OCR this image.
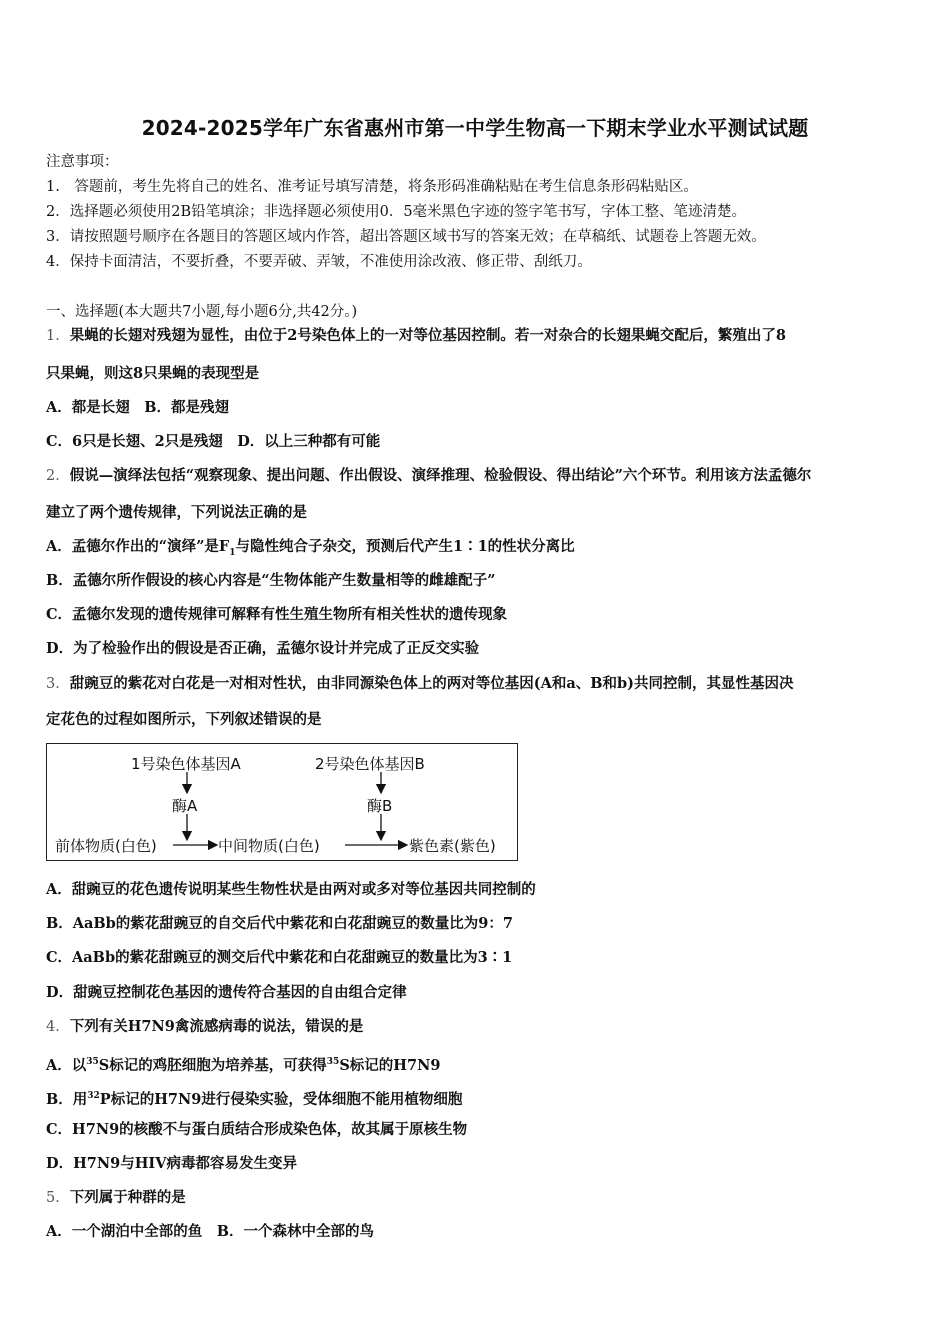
2024-2025学年广东省惠州市第一中学生物高一下期末学业水平测试试题
注意事项：
1.　答题前，考生先将自己的姓名、准考证号填写清楚，将条形码准确粘贴在考生信息条形码粘贴区。
2．选择题必须使用2B铅笔填涂；非选择题必须使用0．5毫米黑色字迹的签字笔书写，字体工整、笔迹清楚。
3．请按照题号顺序在各题目的答题区域内作答，超出答题区域书写的答案无效；在草稿纸、试题卷上答题无效。
4．保持卡面清洁，不要折叠，不要弄破、弄皱，不准使用涂改液、修正带、刮纸刀。
一、选择题(本大题共7小题,每小题6分,共42分。)
1．果蝇的长翅对残翅为显性，由位于2号染色体上的一对等位基因控制。若一对杂合的长翅果蝇交配后，繁殖出了8
只果蝇，则这8只果蝇的表现型是
A．都是长翅　B．都是残翅
C．6只是长翅、2只是残翅　D．以上三种都有可能
2．假说—演绎法包括“观察现象、提出问题、作出假设、演绎推理、检验假设、得出结论”六个环节。利用该方法孟德尔
建立了两个遗传规律，下列说法正确的是
A．孟德尔作出的“演绎”是$F_1$与隐性纯合子杂交，预测后代产生1∶1的性状分离比
B．孟德尔所作假设的核心内容是“生物体能产生数量相等的雌雄配子”
C．孟德尔发现的遗传规律可解释有性生殖生物所有相关性状的遗传现象
D．为了检验作出的假设是否正确，孟德尔设计并完成了正反交实验
3．甜豌豆的紫花对白花是一对相对性状，由非同源染色体上的两对等位基因(A和a、B和b)共同控制，其显性基因决
定花色的过程如图所示，下列叙述错误的是
1号染色体基因A	2号染色体基因B
酶A	酶B
前体物质(白色)	中间物质(白色)	紫色素(紫色)
A．甜豌豆的花色遗传说明某些生物性状是由两对或多对等位基因共同控制的
B．AaBb的紫花甜豌豆的自交后代中紫花和白花甜豌豆的数量比为9：7
C．AaBb的紫花甜豌豆的测交后代中紫花和白花甜豌豆的数量比为3∶1
D．甜豌豆控制花色基因的遗传符合基因的自由组合定律
4．下列有关H7N9禽流感病毒的说法，错误的是
A．以$^{35}$S标记的鸡胚细胞为培养基，可获得$^{35}$S标记的H7N9
B．用$^{32}$P标记的H7N9进行侵染实验，受体细胞不能用植物细胞
C．H7N9的核酸不与蛋白质结合形成染色体，故其属于原核生物
D．H7N9与HIV病毒都容易发生变异
5．下列属于种群的是
A．一个湖泊中全部的鱼　B．一个森林中全部的鸟
